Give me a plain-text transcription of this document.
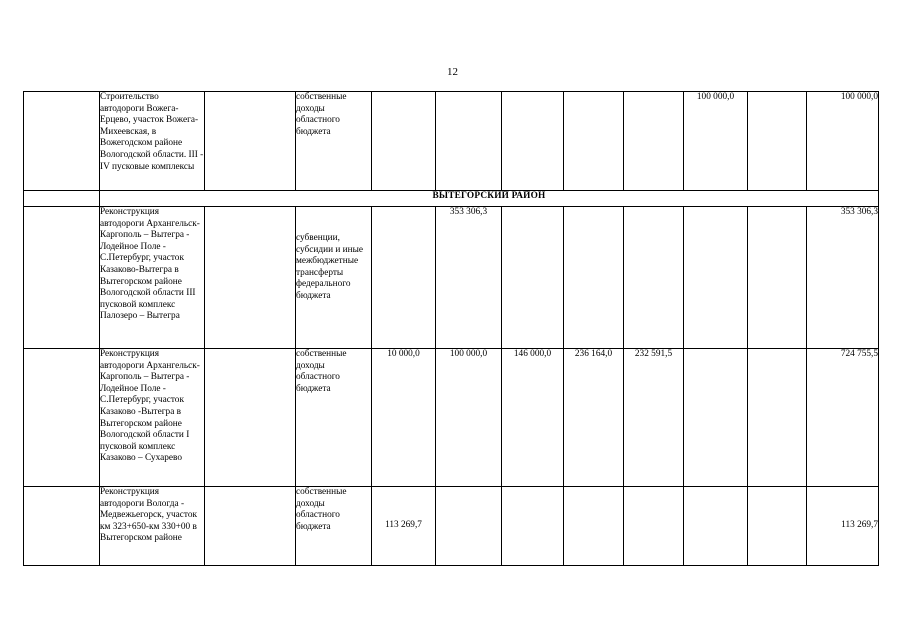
12
	Строительство автодороги Вожега-Ерцево, участок Вожега-Михеевская, в Вожегодском районе Вологодской области. III - IV пусковые комплексы		собственные доходы областного бюджета						100 000,0		100 000,0
	ВЫТЕГОРСКИЙ РАЙОН										
	Реконструкция автодороги Архангельск-Каргополь – Вытегра - Лодейное Поле - С.Петербург, участок Казаково-Вытегра в Вытегорском районе Вологодской области III пусковой комплекс Палозеро – Вытегра		субвенции, субсидии и иные межбюджетные трансферты федерального бюджета		353 306,3						353 306,3
	Реконструкция автодороги Архангельск-Каргополь – Вытегра - Лодейное Поле - С.Петербург, участок Казаково -Вытегра в Вытегорском районе Вологодской области I пусковой комплекс Казаково – Сухарево		собственные доходы областного бюджета	10 000,0	100 000,0	146 000,0	236 164,0	232 591,5			724 755,5
	Реконструкция автодороги Вологда - Медвежьегорск, участок км 323+650-км 330+00 в Вытегорском районе		собственные доходы областного бюджета	113 269,7							113 269,7
